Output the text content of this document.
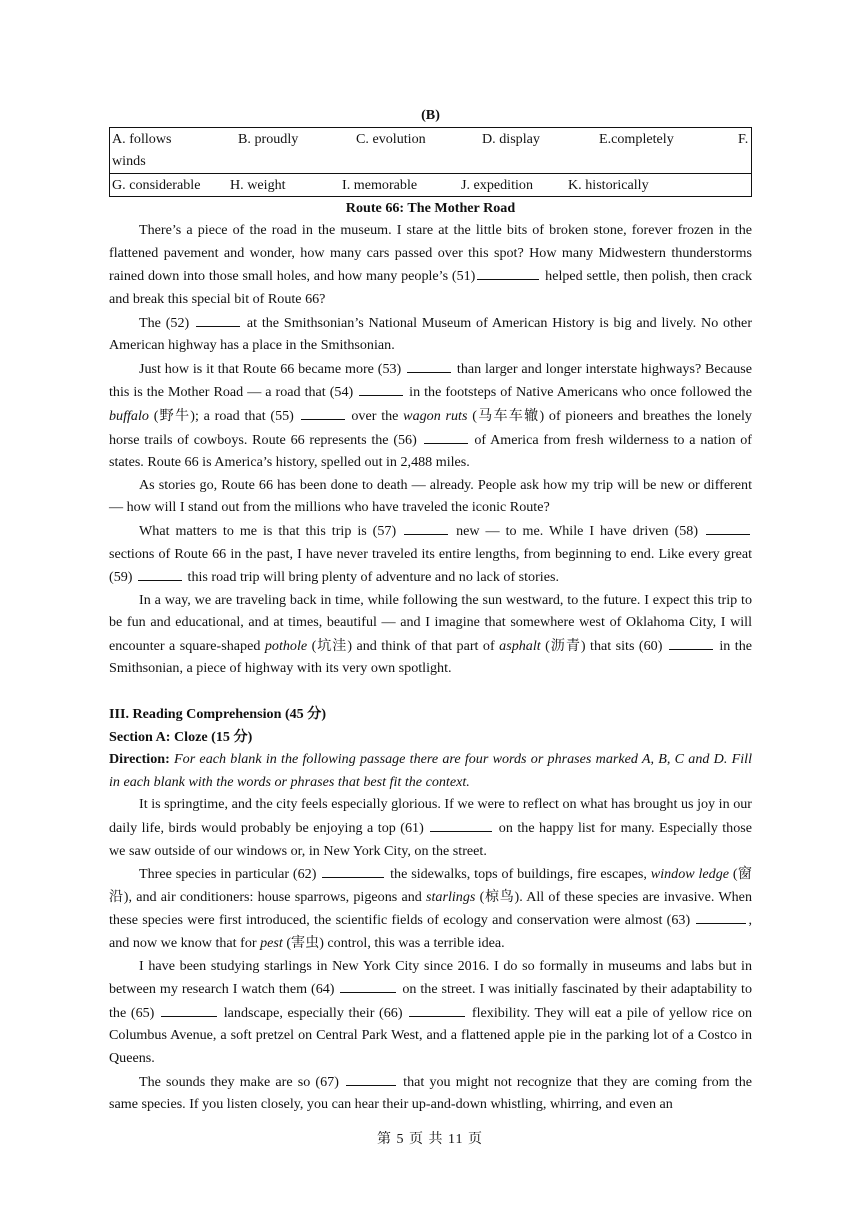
(B)
A. follows	B. proudly	C. evolution	D. display	E.completely	F.
winds

G. considerable H. weight	I. memorable	J. expedition K. historically
Route 66: The Mother Road

There’s a piece of the road in the museum. I stare at the little bits of broken stone, forever frozen in the flattened pavement and wonder, how many cars passed over this spot? How many Midwestern thunderstorms rained down into those small holes, and how many people’s (51)	helped settle, then polish, then crack and break this special bit of Route 66?

The (52)	at the Smithsonian’s National Museum of American History is big and lively. No other American highway has a place in the Smithsonian.

Just how is it that Route 66 became more (53)	than larger and longer interstate highways? Because this is the Mother Road — a road that (54)	in the footsteps of Native Americans who once followed the buffalo (野牛); a road that (55)	over the wagon ruts (马车车辙) of pioneers and breathes the lonely horse trails of cowboys. Route 66 represents the (56)	of America from fresh wilderness to a nation of states. Route 66 is America’s history, spelled out in 2,488 miles.

As stories go, Route 66 has been done to death — already. People ask how my trip will be new or different — how will I stand out from the millions who have traveled the iconic Route?

What matters to me is that this trip is (57)	new — to me. While I have driven (58)  sections of Route 66 in the past, I have never traveled its entire lengths, from beginning to end. Like every great (59)	this road trip will bring plenty of adventure and no lack of stories.

In a way, we are traveling back in time, while following the sun westward, to the future. I expect this trip to be fun and educational, and at times, beautiful — and I imagine that somewhere west of Oklahoma City, I will encounter a square-shaped pothole (坑洼) and think of that part of asphalt (沥青) that sits (60)	in the Smithsonian, a piece of highway with its very own spotlight.

III. Reading Comprehension (45 分)
Section A: Cloze (15 分)

Direction: For each blank in the following passage there are four words or phrases marked A, B, C and D. Fill in each blank with the words or phrases that best fit the context.

It is springtime, and the city feels especially glorious. If we were to reflect on what has brought us joy in our daily life, birds would probably be enjoying a top (61)	on the happy list for many. Especially those we saw outside of our windows or, in New York City, on the street.

Three species in particular (62)	the sidewalks, tops of buildings, fire escapes, window ledge (窗沿), and air conditioners: house sparrows, pigeons and starlings (椋鸟). All of these species are invasive. When these species were first introduced, the scientific fields of ecology and conservation were almost (63)	, and now we know that for pest (害虫) control, this was a terrible idea.

I have been studying starlings in New York City since 2016. I do so formally in museums and labs but in between my research I watch them (64)	on the street. I was initially fascinated by their adaptability to the (65)	landscape, especially their (66)	flexibility. They will eat a pile of yellow rice on Columbus Avenue, a soft pretzel on Central Park West, and a flattened apple pie in the parking lot of a Costco in Queens.

The sounds they make are so (67)	that you might not recognize that they are coming from the same species. If you listen closely, you can hear their up-and-down whistling, whirring, and even an

第 5 页 共 11 页
